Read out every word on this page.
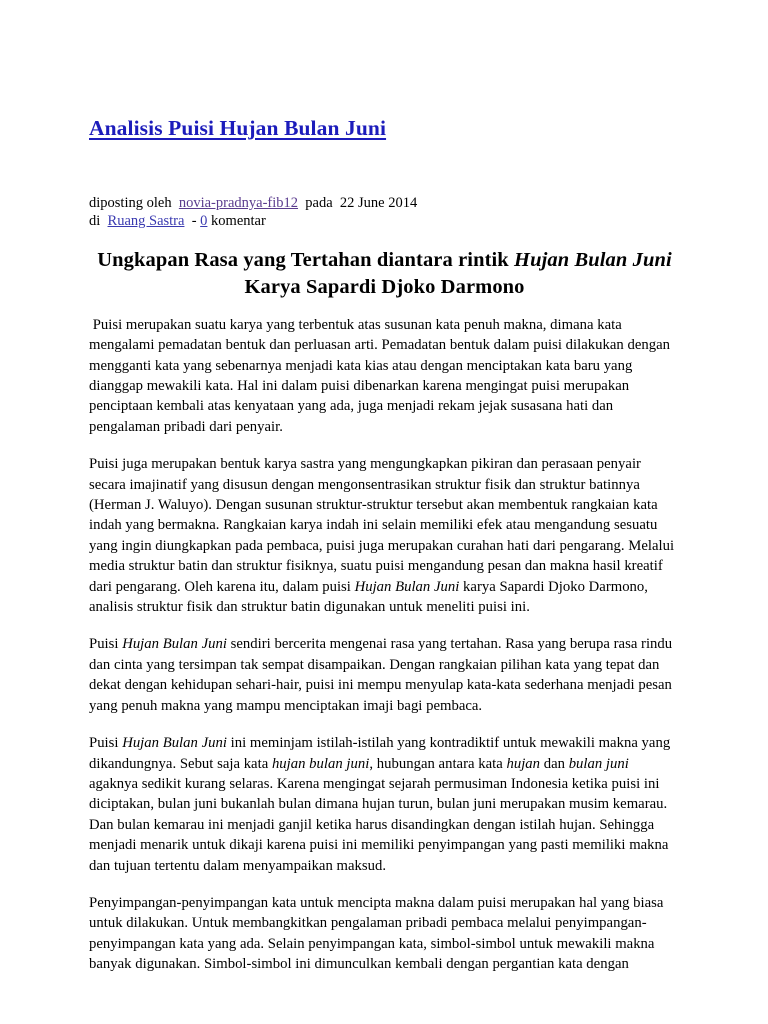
Analisis Puisi Hujan Bulan Juni
diposting oleh novia-pradnya-fib12 pada 22 June 2014
di Ruang Sastra - 0 komentar
Ungkapan Rasa yang Tertahan diantara rintik Hujan Bulan Juni Karya Sapardi Djoko Darmono

Puisi merupakan suatu karya yang terbentuk atas susunan kata penuh makna, dimana kata mengalami pemadatan bentuk dan perluasan arti. Pemadatan bentuk dalam puisi dilakukan dengan mengganti kata yang sebenarnya menjadi kata kias atau dengan menciptakan kata baru yang dianggap mewakili kata. Hal ini dalam puisi dibenarkan karena mengingat puisi merupakan penciptaan kembali atas kenyataan yang ada, juga menjadi rekam jejak susasana hati dan pengalaman pribadi dari penyair.

Puisi juga merupakan bentuk karya sastra yang mengungkapkan pikiran dan perasaan penyair secara imajinatif yang disusun dengan mengonsentrasikan struktur fisik dan struktur batinnya (Herman J. Waluyo). Dengan susunan struktur-struktur tersebut akan membentuk rangkaian kata indah yang bermakna. Rangkaian karya indah ini selain memiliki efek atau mengandung sesuatu yang ingin diungkapkan pada pembaca, puisi juga merupakan curahan hati dari pengarang. Melalui media struktur batin dan struktur fisiknya, suatu puisi mengandung pesan dan makna hasil kreatif dari pengarang. Oleh karena itu, dalam puisi Hujan Bulan Juni karya Sapardi Djoko Darmono, analisis struktur fisik dan struktur batin digunakan untuk meneliti puisi ini.

Puisi Hujan Bulan Juni sendiri bercerita mengenai rasa yang tertahan. Rasa yang berupa rasa rindu dan cinta yang tersimpan tak sempat disampaikan. Dengan rangkaian pilihan kata yang tepat dan dekat dengan kehidupan sehari-hair, puisi ini mempu menyulap kata-kata sederhana menjadi pesan yang penuh makna yang mampu menciptakan imaji bagi pembaca.

Puisi Hujan Bulan Juni ini meminjam istilah-istilah yang kontradiktif untuk mewakili makna yang dikandungnya. Sebut saja kata hujan bulan juni, hubungan antara kata hujan dan bulan juni agaknya sedikit kurang selaras. Karena mengingat sejarah permusiman Indonesia ketika puisi ini diciptakan, bulan juni bukanlah bulan dimana hujan turun, bulan juni merupakan musim kemarau. Dan bulan kemarau ini menjadi ganjil ketika harus disandingkan dengan istilah hujan. Sehingga menjadi menarik untuk dikaji karena puisi ini memiliki penyimpangan yang pasti memiliki makna dan tujuan tertentu dalam menyampaikan maksud.

Penyimpangan-penyimpangan kata untuk mencipta makna dalam puisi merupakan hal yang biasa untuk dilakukan. Untuk membangkitkan pengalaman pribadi pembaca melalui penyimpangan-penyimpangan kata yang ada. Selain penyimpangan kata, simbol-simbol untuk mewakili makna banyak digunakan. Simbol-simbol ini dimunculkan kembali dengan pergantian kata dengan
